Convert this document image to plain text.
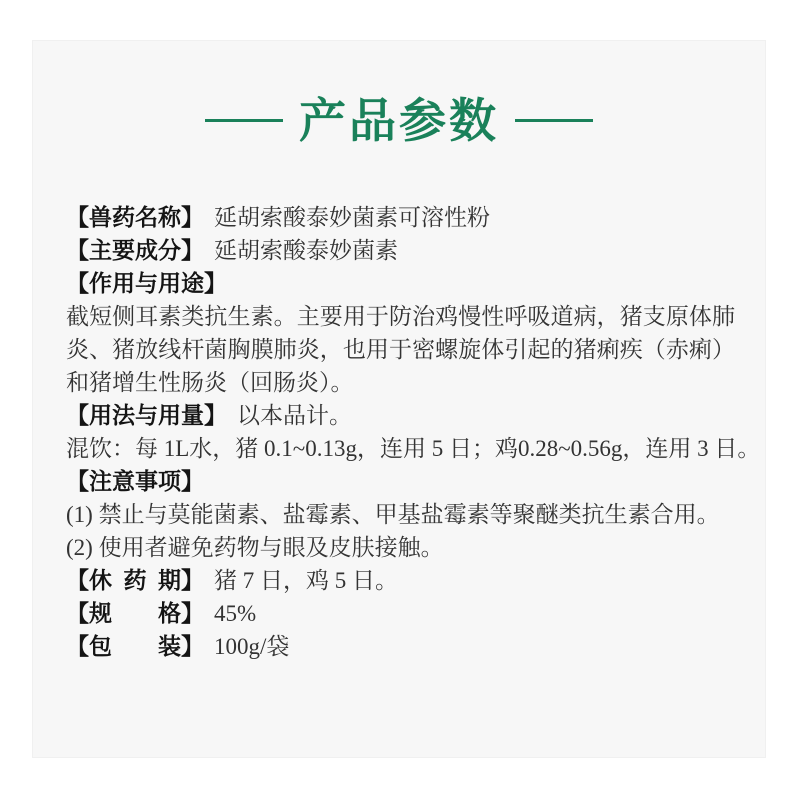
产品参数
【兽药名称】 延胡索酸泰妙菌素可溶性粉
【主要成分】 延胡索酸泰妙菌素
【作用与用途】

截短侧耳素类抗生素。主要用于防治鸡慢性呼吸道病，猪支原体肺炎、猪放线杆菌胸膜肺炎，也用于密螺旋体引起的猪痢疾（赤痢）和猪增生性肠炎（回肠炎）。

【用法与用量】 以本品计。

混饮：每 1L水，猪 0.1~0.13g，连用 5 日；鸡0.28~0.56g，连用 3 日。

【注意事项】

(1) 禁止与莫能菌素、盐霉素、甲基盐霉素等聚醚类抗生素合用。

(2) 使用者避免药物与眼及皮肤接触。

【休 药 期】 猪 7 日，鸡 5 日。
【规　　格】 45%
【包　　装】 100g/袋
